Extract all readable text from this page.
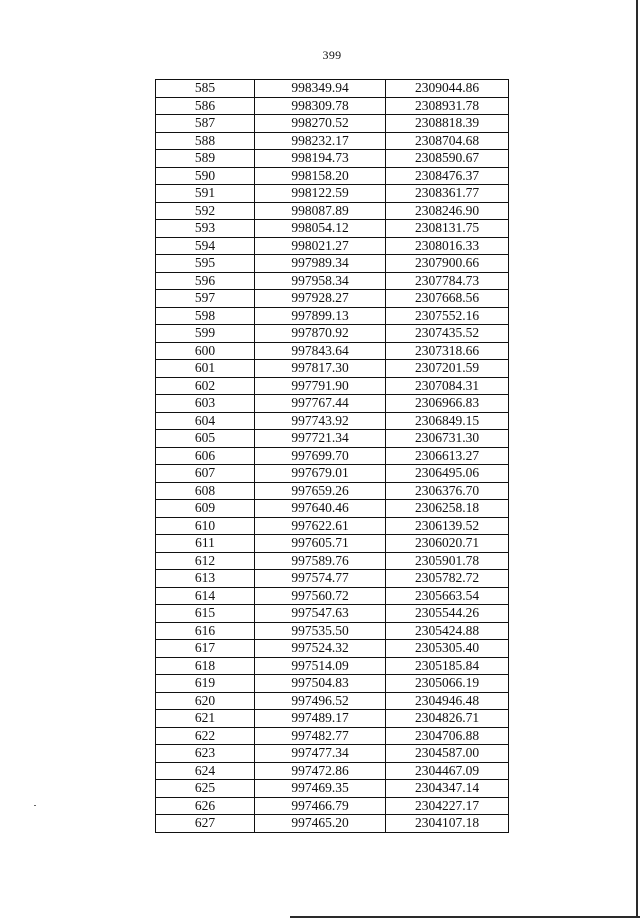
399
585	998349.94	2309044.86
586	998309.78	2308931.78
587	998270.52	2308818.39
588	998232.17	2308704.68
589	998194.73	2308590.67
590	998158.20	2308476.37
591	998122.59	2308361.77
592	998087.89	2308246.90
593	998054.12	2308131.75
594	998021.27	2308016.33
595	997989.34	2307900.66
596	997958.34	2307784.73
597	997928.27	2307668.56
598	997899.13	2307552.16
599	997870.92	2307435.52
600	997843.64	2307318.66
601	997817.30	2307201.59
602	997791.90	2307084.31
603	997767.44	2306966.83
604	997743.92	2306849.15
605	997721.34	2306731.30
606	997699.70	2306613.27
607	997679.01	2306495.06
608	997659.26	2306376.70
609	997640.46	2306258.18
610	997622.61	2306139.52
611	997605.71	2306020.71
612	997589.76	2305901.78
613	997574.77	2305782.72
614	997560.72	2305663.54
615	997547.63	2305544.26
616	997535.50	2305424.88
617	997524.32	2305305.40
618	997514.09	2305185.84
619	997504.83	2305066.19
620	997496.52	2304946.48
621	997489.17	2304826.71
622	997482.77	2304706.88
623	997477.34	2304587.00
624	997472.86	2304467.09
625	997469.35	2304347.14
626	997466.79	2304227.17
627	997465.20	2304107.18
